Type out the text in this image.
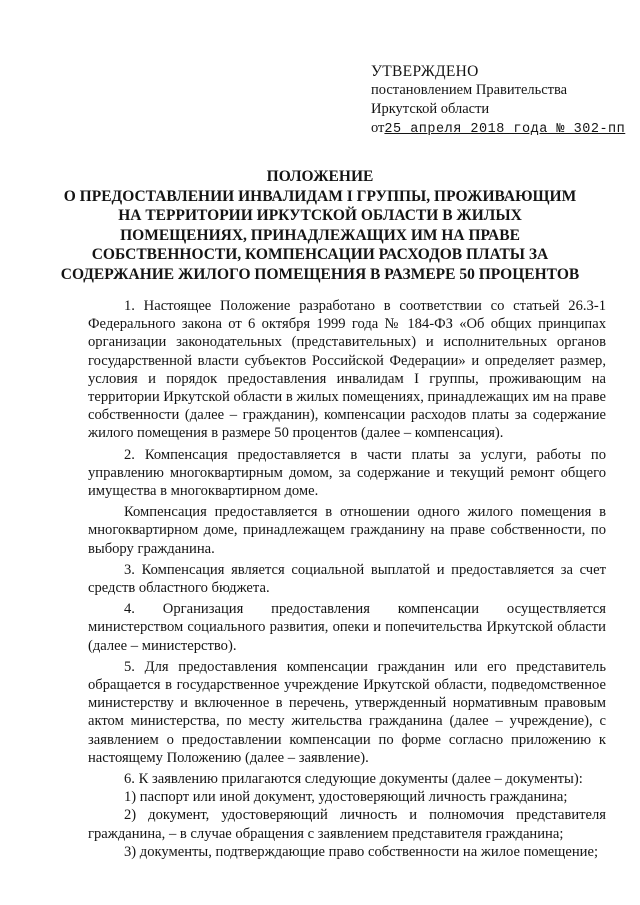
УТВЕРЖДЕНО
постановлением Правительства
Иркутской области
от25 апреля 2018 года № 302-пп
ПОЛОЖЕНИЕ
О ПРЕДОСТАВЛЕНИИ ИНВАЛИДАМ I ГРУППЫ, ПРОЖИВАЮЩИМ
НА ТЕРРИТОРИИ ИРКУТСКОЙ ОБЛАСТИ В ЖИЛЫХ
ПОМЕЩЕНИЯХ, ПРИНАДЛЕЖАЩИХ ИМ НА ПРАВЕ
СОБСТВЕННОСТИ, КОМПЕНСАЦИИ РАСХОДОВ ПЛАТЫ ЗА
СОДЕРЖАНИЕ ЖИЛОГО ПОМЕЩЕНИЯ В РАЗМЕРЕ 50 ПРОЦЕНТОВ

1. Настоящее Положение разработано в соответствии со статьей 26.3-1 Федерального закона от 6 октября 1999 года № 184-ФЗ «Об общих принципах организации законодательных (представительных) и исполнительных органов государственной власти субъектов Российской Федерации» и определяет размер, условия и порядок предоставления инвалидам I группы, проживающим на территории Иркутской области в жилых помещениях, принадлежащих им на праве собственности (далее – гражданин), компенсации расходов платы за содержание жилого помещения в размере 50 процентов (далее – компенсация).

2. Компенсация предоставляется в части платы за услуги, работы по управлению многоквартирным домом, за содержание и текущий ремонт общего имущества в многоквартирном доме.

Компенсация предоставляется в отношении одного жилого помещения в многоквартирном доме, принадлежащем гражданину на праве собственности, по выбору гражданина.

3. Компенсация является социальной выплатой и предоставляется за счет средств областного бюджета.

4. Организация предоставления компенсации осуществляется министерством социального развития, опеки и попечительства Иркутской области (далее – министерство).

5. Для предоставления компенсации гражданин или его представитель обращается в государственное учреждение Иркутской области, подведомственное министерству и включенное в перечень, утвержденный нормативным правовым актом министерства, по месту жительства гражданина (далее – учреждение), с заявлением о предоставлении компенсации по форме согласно приложению к настоящему Положению (далее – заявление).

6. К заявлению прилагаются следующие документы (далее – документы):

1) паспорт или иной документ, удостоверяющий личность гражданина;

2) документ, удостоверяющий личность и полномочия представителя гражданина, – в случае обращения с заявлением представителя гражданина;

3) документы, подтверждающие право собственности на жилое помещение;
